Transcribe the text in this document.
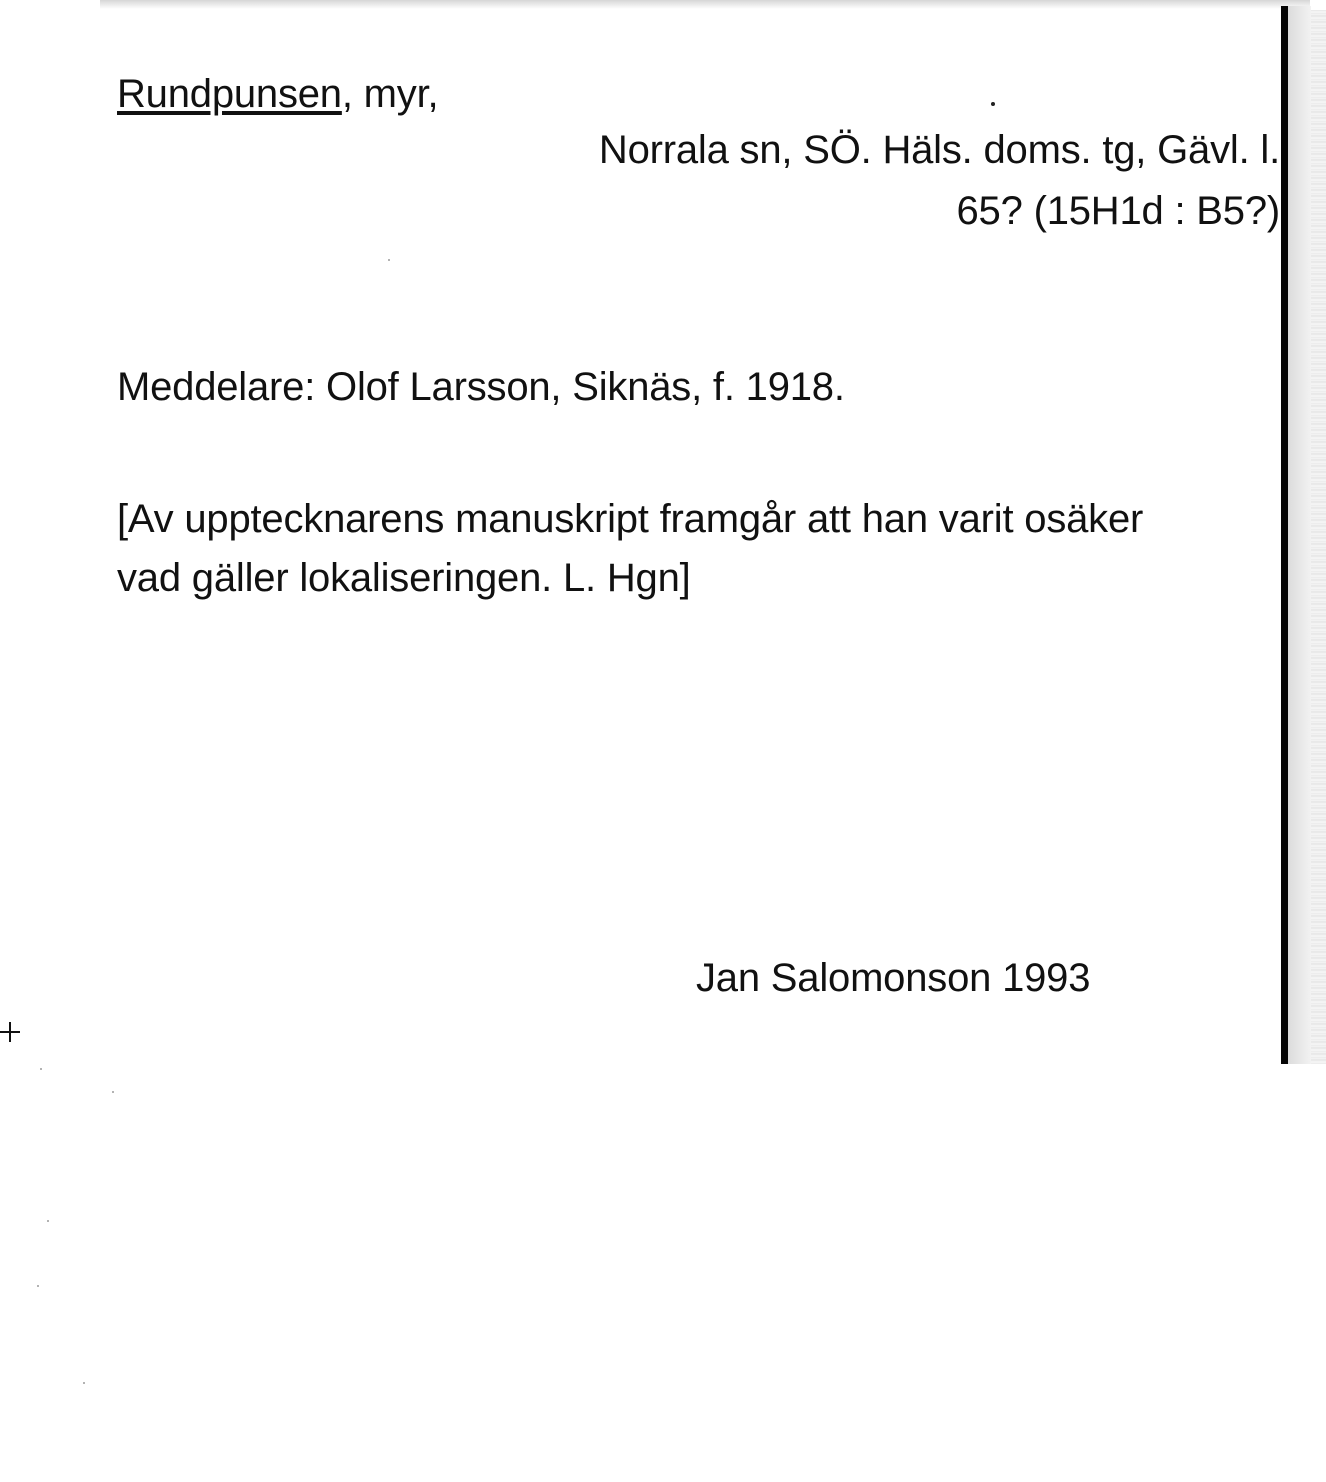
Rundpunsen, myr,

Norrala sn, SÖ. Häls. doms. tg, Gävl. l.

65? (15H1d : B5?)

Meddelare: Olof Larsson, Siknäs, f. 1918.

[Av upptecknarens manuskript framgår att han varit osäker

vad gäller lokaliseringen. L. Hgn]

Jan Salomonson 1993
